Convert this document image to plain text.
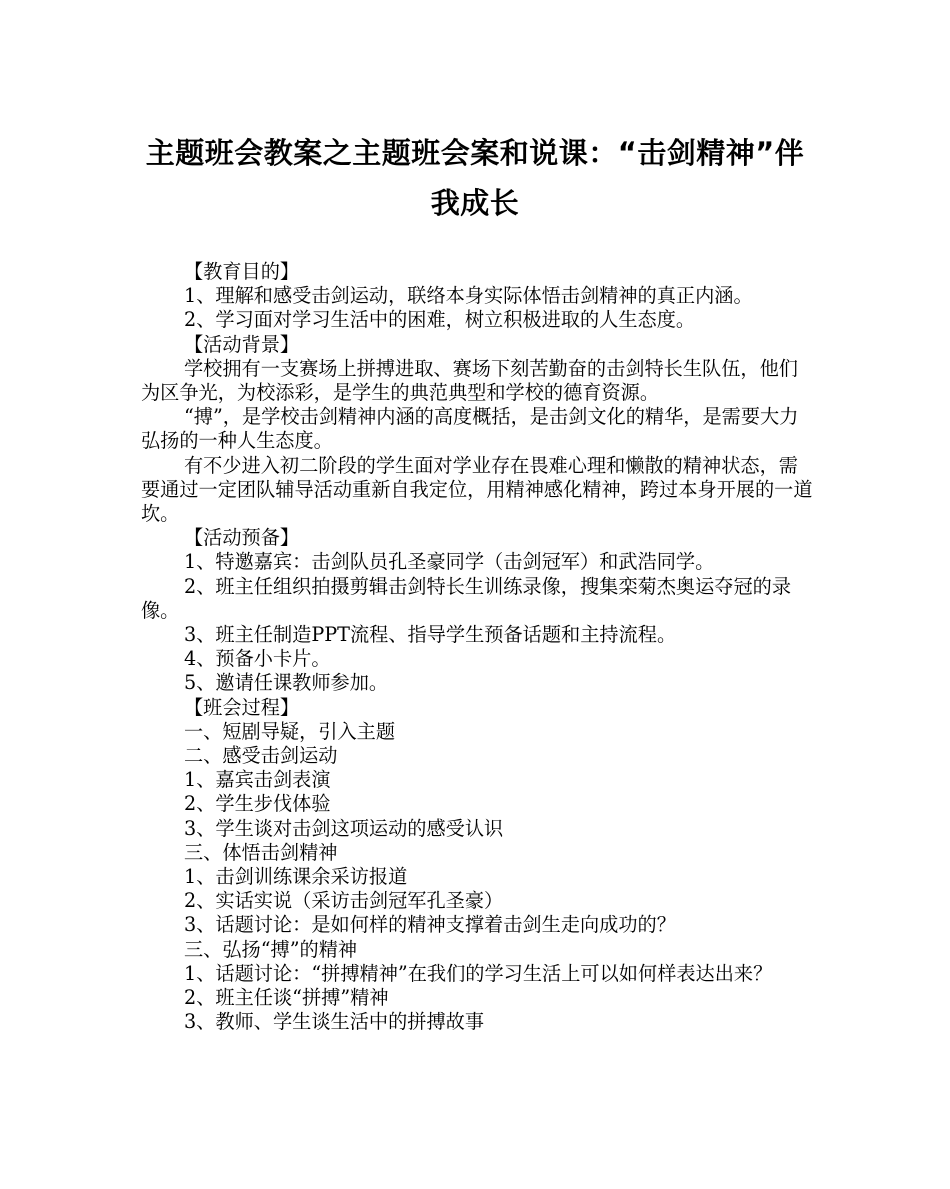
主题班会教案之主题班会案和说课：“击剑精神”伴我成长

【教育目的】

1、理解和感受击剑运动，联络本身实际体悟击剑精神的真正内涵。

2、学习面对学习生活中的困难，树立积极进取的人生态度。

【活动背景】

学校拥有一支赛场上拼搏进取、赛场下刻苦勤奋的击剑特长生队伍，他们为区争光，为校添彩，是学生的典范典型和学校的德育资源。

“搏”，是学校击剑精神内涵的高度概括，是击剑文化的精华，是需要大力弘扬的一种人生态度。

有不少进入初二阶段的学生面对学业存在畏难心理和懒散的精神状态，需要通过一定团队辅导活动重新自我定位，用精神感化精神，跨过本身开展的一道坎。

【活动预备】

1、特邀嘉宾：击剑队员孔圣豪同学（击剑冠军）和武浩同学。

2、班主任组织拍摄剪辑击剑特长生训练录像，搜集栾菊杰奥运夺冠的录像。

3、班主任制造PPT流程、指导学生预备话题和主持流程。

4、预备小卡片。

5、邀请任课教师参加。

【班会过程】

一、短剧导疑，引入主题

二、感受击剑运动

1、嘉宾击剑表演

2、学生步伐体验

3、学生谈对击剑这项运动的感受认识

三、体悟击剑精神

1、击剑训练课余采访报道

2、实话实说（采访击剑冠军孔圣豪）

3、话题讨论：是如何样的精神支撑着击剑生走向成功的？

三、弘扬“搏”的精神

1、话题讨论：“拼搏精神”在我们的学习生活上可以如何样表达出来？

2、班主任谈“拼搏”精神

3、教师、学生谈生活中的拼搏故事
